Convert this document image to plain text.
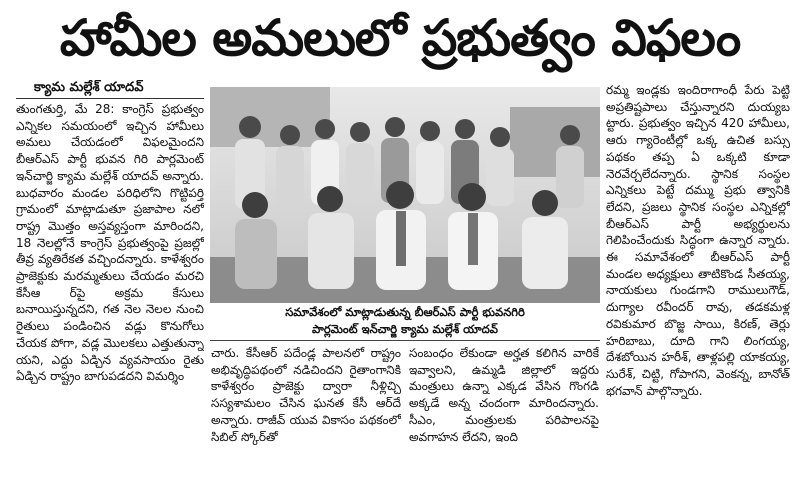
హామీల అమలులో ప్రభుత్వం విఫలం
క్యామ మల్లేశ్ యాదవ్

తుంగతుర్తి, మే 28: కాంగ్రెస్ ప్రభుత్వం ఎన్నికల సమయంలో ఇచ్చిన హామీలు అమలు చేయడంలో విఫలమైందని బీఆర్ఎస్ పార్టీ భువన గిరి పార్లమెంట్ ఇన్‌చార్జి క్యామ మల్లేశ్ యాదవ్ అన్నారు. బుధవారం మండల పరిధిలోని గొట్టిపర్తి గ్రామంలో మాట్లాడుతూ ప్రజాపాల నలో రాష్ట్ర మొత్తం అస్తవ్యస్తంగా మారిందని, 18 నెలల్లోనే కాంగ్రెస్ ప్రభుత్వంపై ప్రజల్లో తీవ్ర వ్యతిరేకత వచ్చిందన్నారు. కాళేశ్వరం ప్రాజెక్టుకు మరమ్మతులు చేయడం మరచి కేసీఆ ర్‌పై అక్రమ కేసులు బనాయిస్తున్నదని, గత నెల నెలల నుంచి రైతులు పండించిన వడ్లు కొనుగోలు చేయక పోగా, వడ్ల మొలకలు ఎత్తుతున్నా యని, ఎద్దు ఏడ్చిన వ్యవసాయం రైతు ఏడ్చిన రాష్ట్రం బాగుపడదని విమర్శిం

సమావేశంలో మాట్లాడుతున్న బీఆర్ఎస్ పార్టీ భువనగిరి
పార్లమెంట్ ఇన్‌చార్జి క్యామ మల్లేశ్ యాదవ్

చారు. కేసీఆర్ పదేండ్ల పాలనలో రాష్ట్రం అభివృద్ధిపథంలో నడిచిందని రైతాంగానికి కాళేశ్వరం ప్రాజెక్టు ద్వారా నీళ్లిచ్చి సస్యశామలం చేసిన ఘనత కేసీ ఆర్‌దే అన్నారు. రాజీవ్ యువ వికాసం పథకంలో సిబిల్ స్కోర్‌తో

సంబంధం లేకుండా అర్హత కలిగిన వారికే ఇవ్వాలని, ఉమ్మడి జిల్లాలో ఇద్దరు మంత్రులు ఉన్నా ఎక్కడ వేసిన గొంగడి అక్కడే అన్న చందంగా మారిందన్నారు. సీఎం, మంత్రులకు పరిపాలనపై అవగాహన లేదని, ఇంది

రమ్మ ఇండ్లకు ఇందిరాగాంధీ పేరు పెట్టి అప్రతిష్టపాలు చేస్తున్నారని దుయ్యబ ట్టారు. ప్రభుత్వం ఇచ్చిన 420 హామీలు, ఆరు గ్యారెంటీల్లో ఒక్క ఉచిత బస్సు పథకం తప్ప ఏ ఒక్కటి కూడా నెరవేర్చలేదన్నారు. స్థానిక సంస్థల ఎన్నికలు పెట్టే దమ్ము ప్రభు త్వానికి లేదని, ప్రజలు స్థానిక సంస్థల ఎన్నికల్లో బీఆర్ఎస్ పార్టీ అభ్యర్థులను గెలిపించేందుకు సిద్ధంగా ఉన్నార న్నారు. ఈ సమావేశంలో బీఆర్ఎస్ పార్టీ మండల అధ్యక్షులు తాటికొండ సీతయ్య, నాయకులు గుండగాని రాములుగౌడ్, దుగ్యాల రవీందర్ రావు, తడకమళ్ల రవికుమార బొజ్జ సాయి, కిరణ్, తెర్లు హరిబాబు, దూది గాని లింగయ్య, దేశబోయిన హరీశ్, తాళ్లపల్లి యాకయ్య, సురేశ్, చిట్టి, గోపాగని, వెంకన్న, బానోత్ భగవాన్ పాల్గొన్నారు.
